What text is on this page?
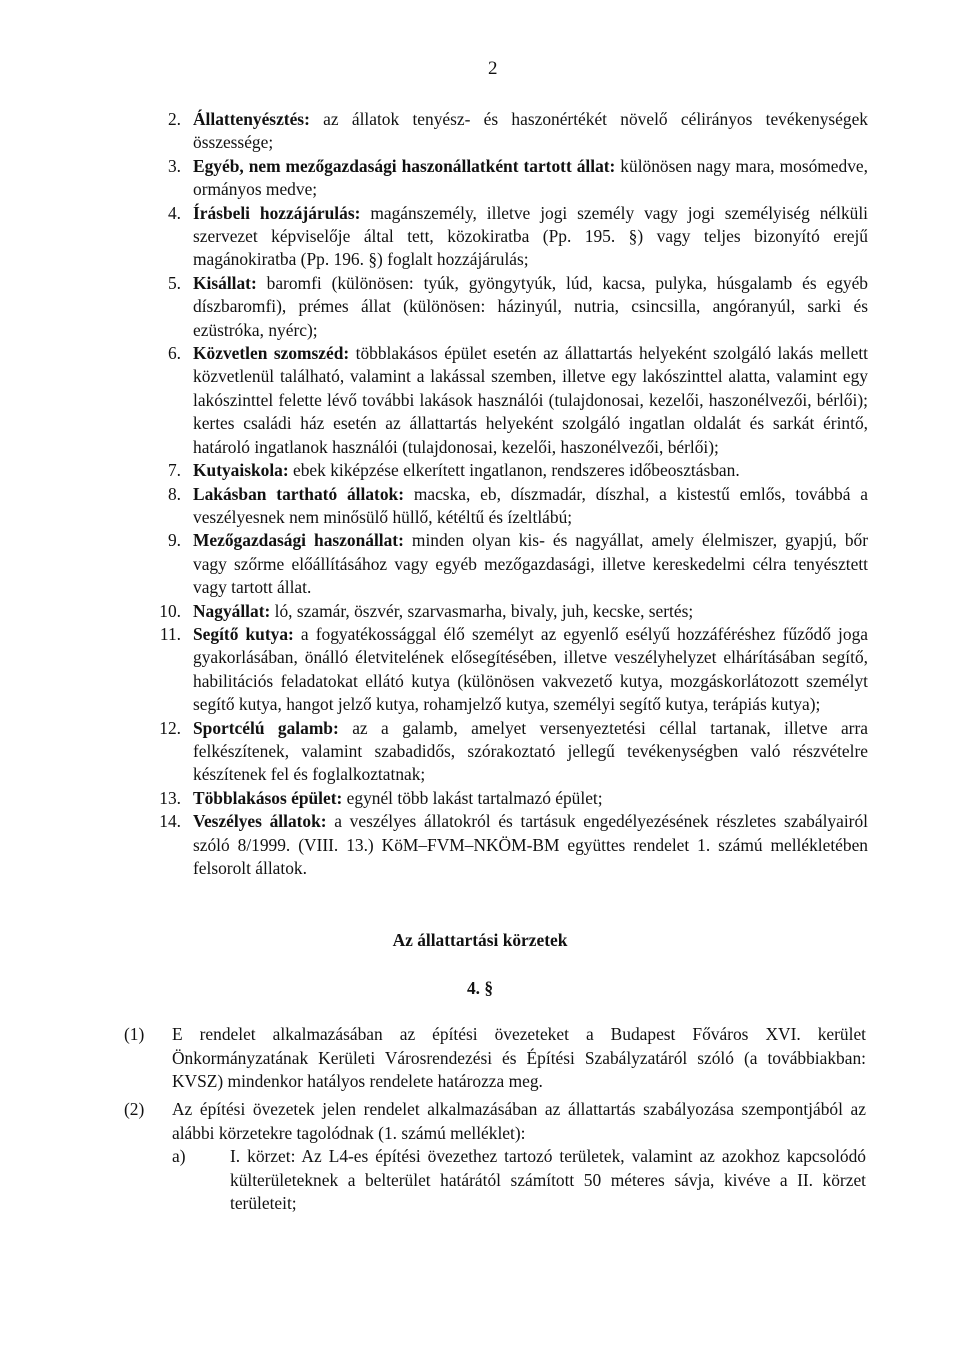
2
2. Állattenyésztés: az állatok tenyész- és haszonértékét növelő célirányos tevékenységek összessége;
3. Egyéb, nem mezőgazdasági haszonállatként tartott állat: különösen nagy mara, mosómedve, ormányos medve;
4. Írásbeli hozzájárulás: magánszemély, illetve jogi személy vagy jogi személyiség nélküli szervezet képviselője által tett, közokiratba (Pp. 195. §) vagy teljes bizonyító erejű magánokiratba (Pp. 196. §) foglalt hozzájárulás;
5. Kisállat: baromfi (különösen: tyúk, gyöngytyúk, lúd, kacsa, pulyka, húsgalamb és egyéb díszbaromfi), prémes állat (különösen: házinyúl, nutria, csincsilla, angóranyúl, sarki és ezüstróka, nyérc);
6. Közvetlen szomszéd: többlakásos épület esetén az állattartás helyeként szolgáló lakás mellett közvetlenül található, valamint a lakással szemben, illetve egy lakószinttel alatta, valamint egy lakószinttel felette lévő további lakások használói (tulajdonosai, kezelői, haszonélvezői, bérlői); kertes családi ház esetén az állattartás helyeként szolgáló ingatlan oldalát és sarkát érintő, határoló ingatlanok használói (tulajdonosai, kezelői, haszonélvezői, bérlői);
7. Kutyaiskola: ebek kiképzése elkerített ingatlanon, rendszeres időbeosztásban.
8. Lakásban tartható állatok: macska, eb, díszmadár, díszhal, a kistestű emlős, továbbá a veszélyesnek nem minősülő hüllő, kétéltű és ízeltlábú;
9. Mezőgazdasági haszonállat: minden olyan kis- és nagyállat, amely élelmiszer, gyapjú, bőr vagy szőrme előállításához vagy egyéb mezőgazdasági, illetve kereskedelmi célra tenyésztett vagy tartott állat.
10. Nagyállat: ló, szamár, öszvér, szarvasmarha, bivaly, juh, kecske, sertés;
11. Segítő kutya: a fogyatékossággal élő személyt az egyenlő esélyű hozzáféréshez fűződő joga gyakorlásában, önálló életvitelének elősegítésében, illetve veszélyhelyzet elhárításában segítő, habilitációs feladatokat ellátó kutya (különösen vakvezető kutya, mozgáskorlátozott személyt segítő kutya, hangot jelző kutya, rohamjelző kutya, személyi segítő kutya, terápiás kutya);
12. Sportcélú galamb: az a galamb, amelyet versenyeztetési céllal tartanak, illetve arra felkészítenek, valamint szabadidős, szórakoztató jellegű tevékenységben való részvételre készítenek fel és foglalkoztatnak;
13. Többlakásos épület: egynél több lakást tartalmazó épület;
14. Veszélyes állatok: a veszélyes állatokról és tartásuk engedélyezésének részletes szabályairól szóló 8/1999. (VIII. 13.) KöM–FVM–NKÖM-BM együttes rendelet 1. számú mellékletében felsorolt állatok.
Az állattartási körzetek
4. §
(1) E rendelet alkalmazásában az építési övezeteket a Budapest Főváros XVI. kerület Önkormányzatának Kerületi Városrendezési és Építési Szabályzatáról szóló (a továbbiakban: KVSZ) mindenkor hatályos rendelete határozza meg.
(2) Az építési övezetek jelen rendelet alkalmazásában az állattartás szabályozása szempontjából az alábbi körzetekre tagolódnak (1. számú melléklet):
a)	I. körzet: Az L4-es építési övezethez tartozó területek, valamint az azokhoz kapcsolódó külterületeknek a belterület határától számított 50 méteres sávja, kivéve a II. körzet területeit;
